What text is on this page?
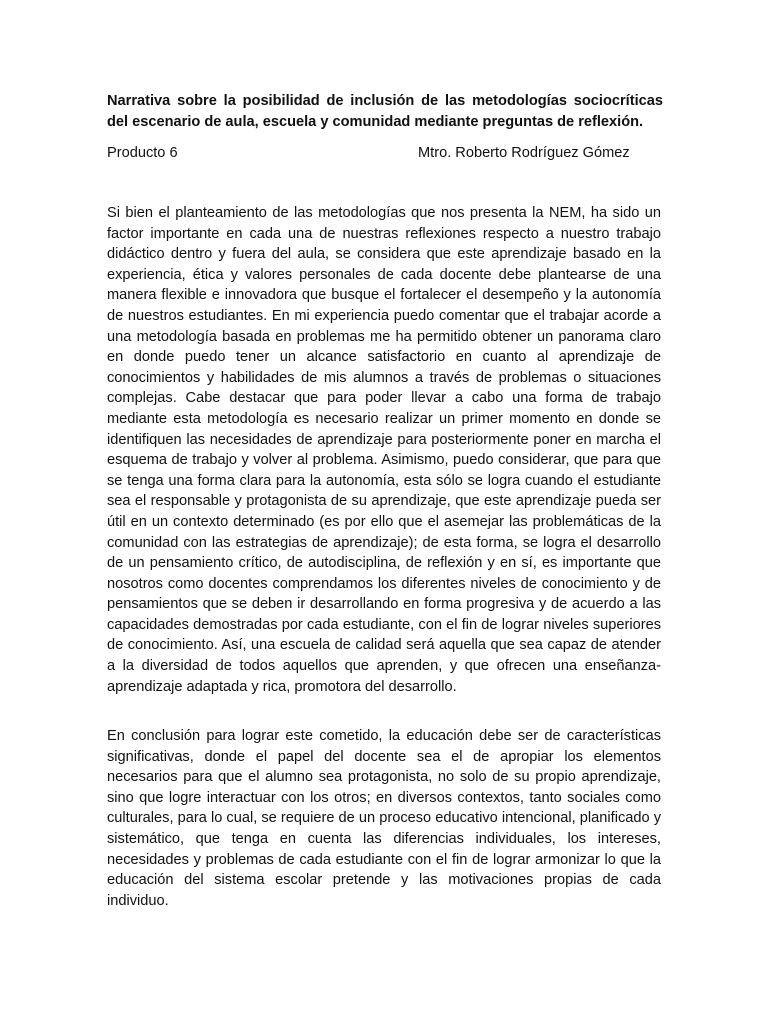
Narrativa sobre la posibilidad de inclusión de las metodologías sociocríticas del escenario de aula, escuela y comunidad mediante preguntas de reflexión.

Producto 6	Mtro. Roberto Rodríguez Gómez

Si bien el planteamiento de las metodologías que nos presenta la NEM, ha sido un factor importante en cada una de nuestras reflexiones respecto a nuestro trabajo didáctico dentro y fuera del aula, se considera que este aprendizaje basado en la experiencia, ética y valores personales de cada docente debe plantearse de una manera flexible e innovadora que busque el fortalecer el desempeño y la autonomía de nuestros estudiantes. En mi experiencia puedo comentar que el trabajar acorde a una metodología basada en problemas me ha permitido obtener un panorama claro en donde puedo tener un alcance satisfactorio en cuanto al aprendizaje de conocimientos y habilidades de mis alumnos a través de problemas o situaciones complejas. Cabe destacar que para poder llevar a cabo una forma de trabajo mediante esta metodología es necesario realizar un primer momento en donde se identifiquen las necesidades de aprendizaje para posteriormente poner en marcha el esquema de trabajo y volver al problema. Asimismo, puedo considerar, que para que se tenga una forma clara para la autonomía, esta sólo se logra cuando el estudiante sea el responsable y protagonista de su aprendizaje, que este aprendizaje pueda ser útil en un contexto determinado (es por ello que el asemejar las problemáticas de la comunidad con las estrategias de aprendizaje); de esta forma, se logra el desarrollo de un pensamiento crítico, de autodisciplina, de reflexión y en sí, es importante que nosotros como docentes comprendamos los diferentes niveles de conocimiento y de pensamientos que se deben ir desarrollando en forma progresiva y de acuerdo a las capacidades demostradas por cada estudiante, con el fin de lograr niveles superiores de conocimiento. Así, una escuela de calidad será aquella que sea capaz de atender a la diversidad de todos aquellos que aprenden, y que ofrecen una enseñanza- aprendizaje adaptada y rica, promotora del desarrollo.

En conclusión para lograr este cometido, la educación debe ser de características significativas, donde el papel del docente sea el de apropiar los elementos necesarios para que el alumno sea protagonista, no solo de su propio aprendizaje, sino que logre interactuar con los otros; en diversos contextos, tanto sociales como culturales, para lo cual, se requiere de un proceso educativo intencional, planificado y sistemático, que tenga en cuenta las diferencias individuales, los intereses, necesidades y problemas de cada estudiante con el fin de lograr armonizar lo que la educación del sistema escolar pretende y las motivaciones propias de cada individuo.
